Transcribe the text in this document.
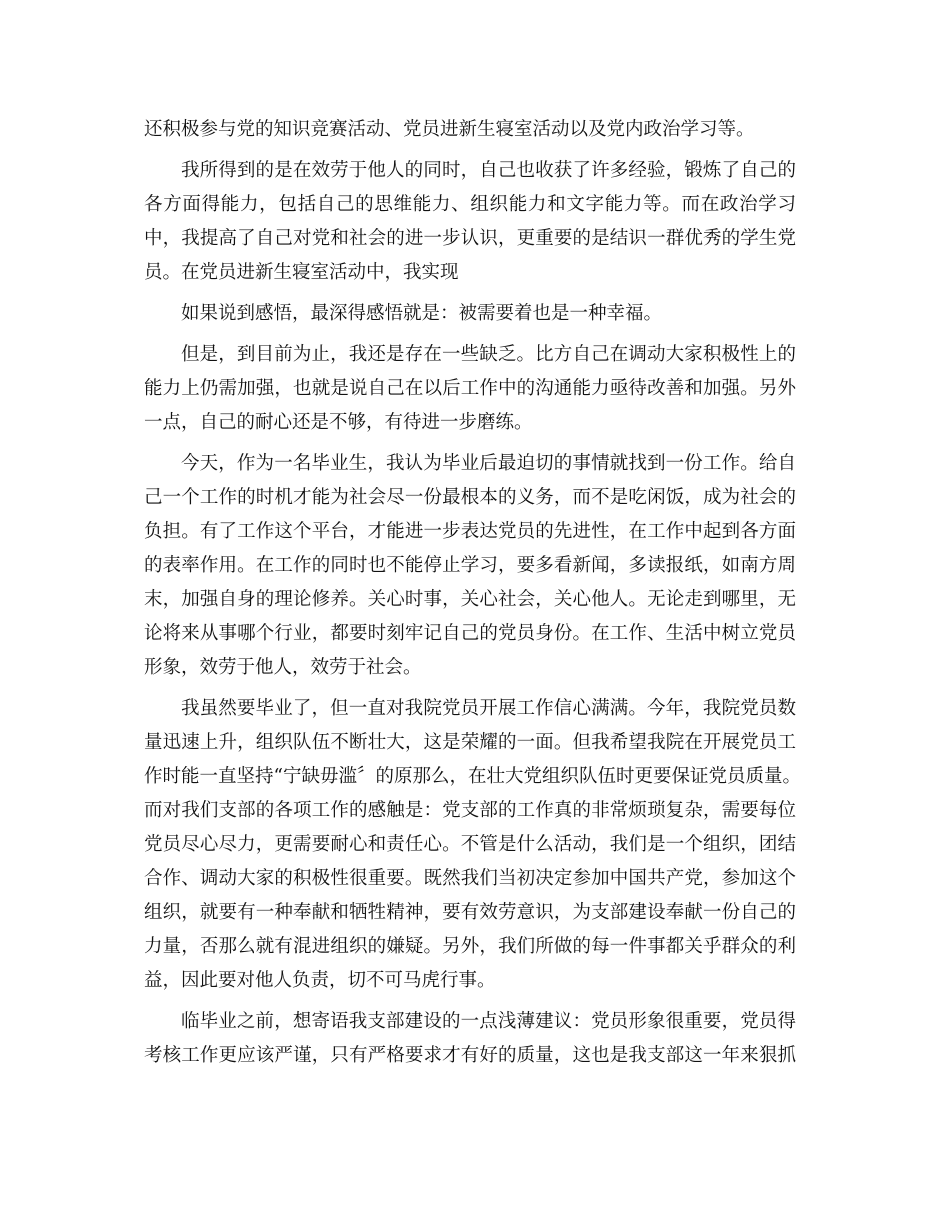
还积极参与党的知识竞赛活动、党员进新生寝室活动以及党内政治学习等。

我所得到的是在效劳于他人的同时，自己也收获了许多经验，锻炼了自己的
各方面得能力，包括自己的思维能力、组织能力和文字能力等。而在政治学习
中，我提高了自己对党和社会的进一步认识，更重要的是结识一群优秀的学生党
员。在党员进新生寝室活动中，我实现

如果说到感悟，最深得感悟就是：被需要着也是一种幸福。

但是，到目前为止，我还是存在一些缺乏。比方自己在调动大家积极性上的
能力上仍需加强，也就是说自己在以后工作中的沟通能力亟待改善和加强。另外
一点，自己的耐心还是不够，有待进一步磨练。

今天，作为一名毕业生，我认为毕业后最迫切的事情就找到一份工作。给自
己一个工作的时机才能为社会尽一份最根本的义务，而不是吃闲饭，成为社会的
负担。有了工作这个平台，才能进一步表达党员的先进性，在工作中起到各方面
的表率作用。在工作的同时也不能停止学习，要多看新闻，多读报纸，如南方周
末，加强自身的理论修养。关心时事，关心社会，关心他人。无论走到哪里，无
论将来从事哪个行业，都要时刻牢记自己的党员身份。在工作、生活中树立党员
形象，效劳于他人，效劳于社会。

我虽然要毕业了，但一直对我院党员开展工作信心满满。今年，我院党员数
量迅速上升，组织队伍不断壮大，这是荣耀的一面。但我希望我院在开展党员工
作时能一直坚持“宁缺毋滥〞的原那么，在壮大党组织队伍时更要保证党员质量。
而对我们支部的各项工作的感触是：党支部的工作真的非常烦琐复杂，需要每位
党员尽心尽力，更需要耐心和责任心。不管是什么活动，我们是一个组织，团结
合作、调动大家的积极性很重要。既然我们当初决定参加中国共产党，参加这个
组织，就要有一种奉献和牺牲精神，要有效劳意识，为支部建设奉献一份自己的
力量，否那么就有混进组织的嫌疑。另外，我们所做的每一件事都关乎群众的利
益，因此要对他人负责，切不可马虎行事。

临毕业之前，想寄语我支部建设的一点浅薄建议：党员形象很重要，党员得
考核工作更应该严谨，只有严格要求才有好的质量，这也是我支部这一年来狠抓
